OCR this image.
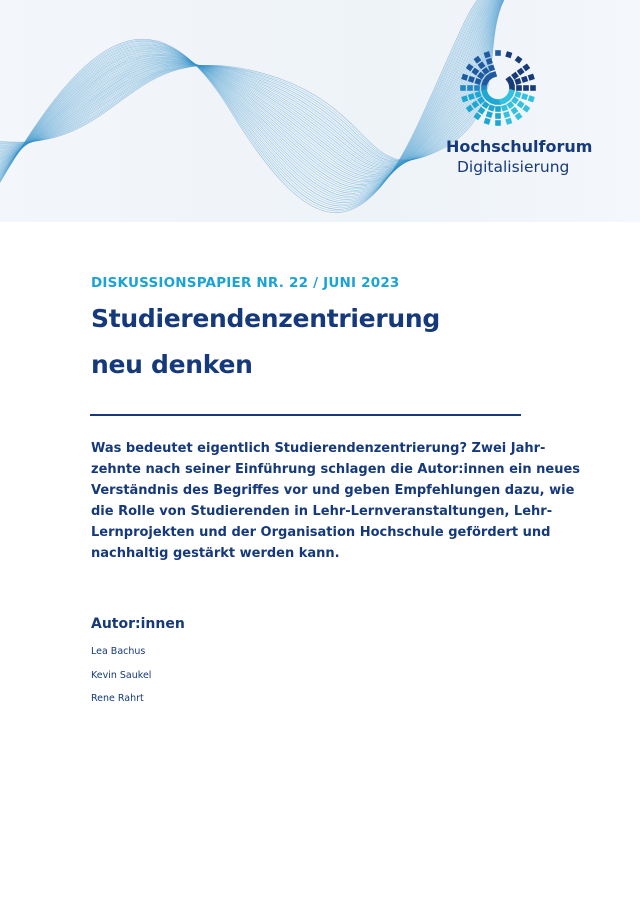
Hochschulforum
Digitalisierung
DISKUSSIONSPAPIER NR. 22 / JUNI 2023
Studierendenzentrierung
neu denken
Was bedeutet eigentlich Studierendenzentrierung? Zwei Jahr-
zehnte nach seiner Einführung schlagen die Autor:innen ein neues
Verständnis des Begriffes vor und geben Empfehlungen dazu, wie
die Rolle von Studierenden in Lehr-Lernveranstaltungen, Lehr-
Lernprojekten und der Organisation Hochschule gefördert und
nachhaltig gestärkt werden kann.
Autor:innen
Lea Bachus
Kevin Saukel
Rene Rahrt
